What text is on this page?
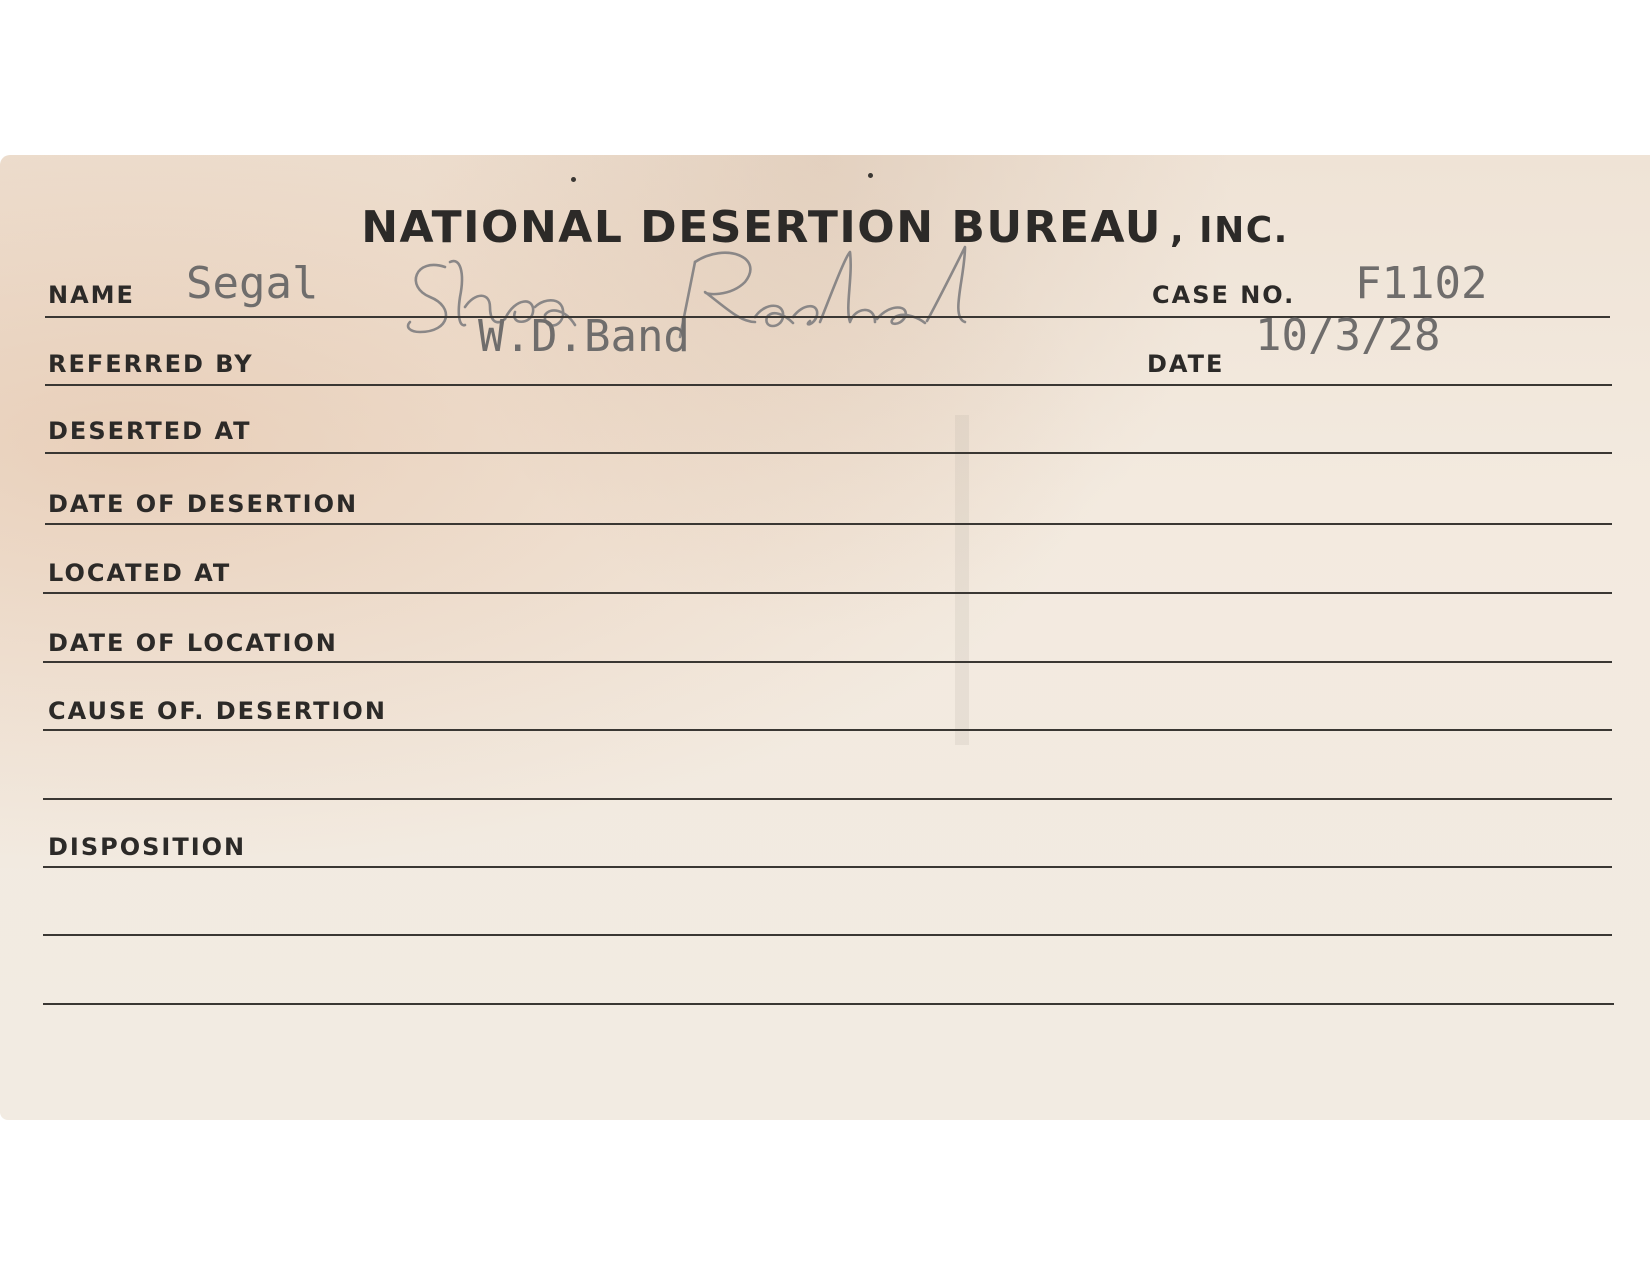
NATIONAL DESERTION BUREAU , INC.
NAME Segal	CASE NO. F1102
REFERRED BY
W.D.Band
DATE
10/3/28
DESERTED AT
DATE OF DESERTION
LOCATED AT
DATE OF LOCATION
CAUSE OF. DESERTION
DISPOSITION
